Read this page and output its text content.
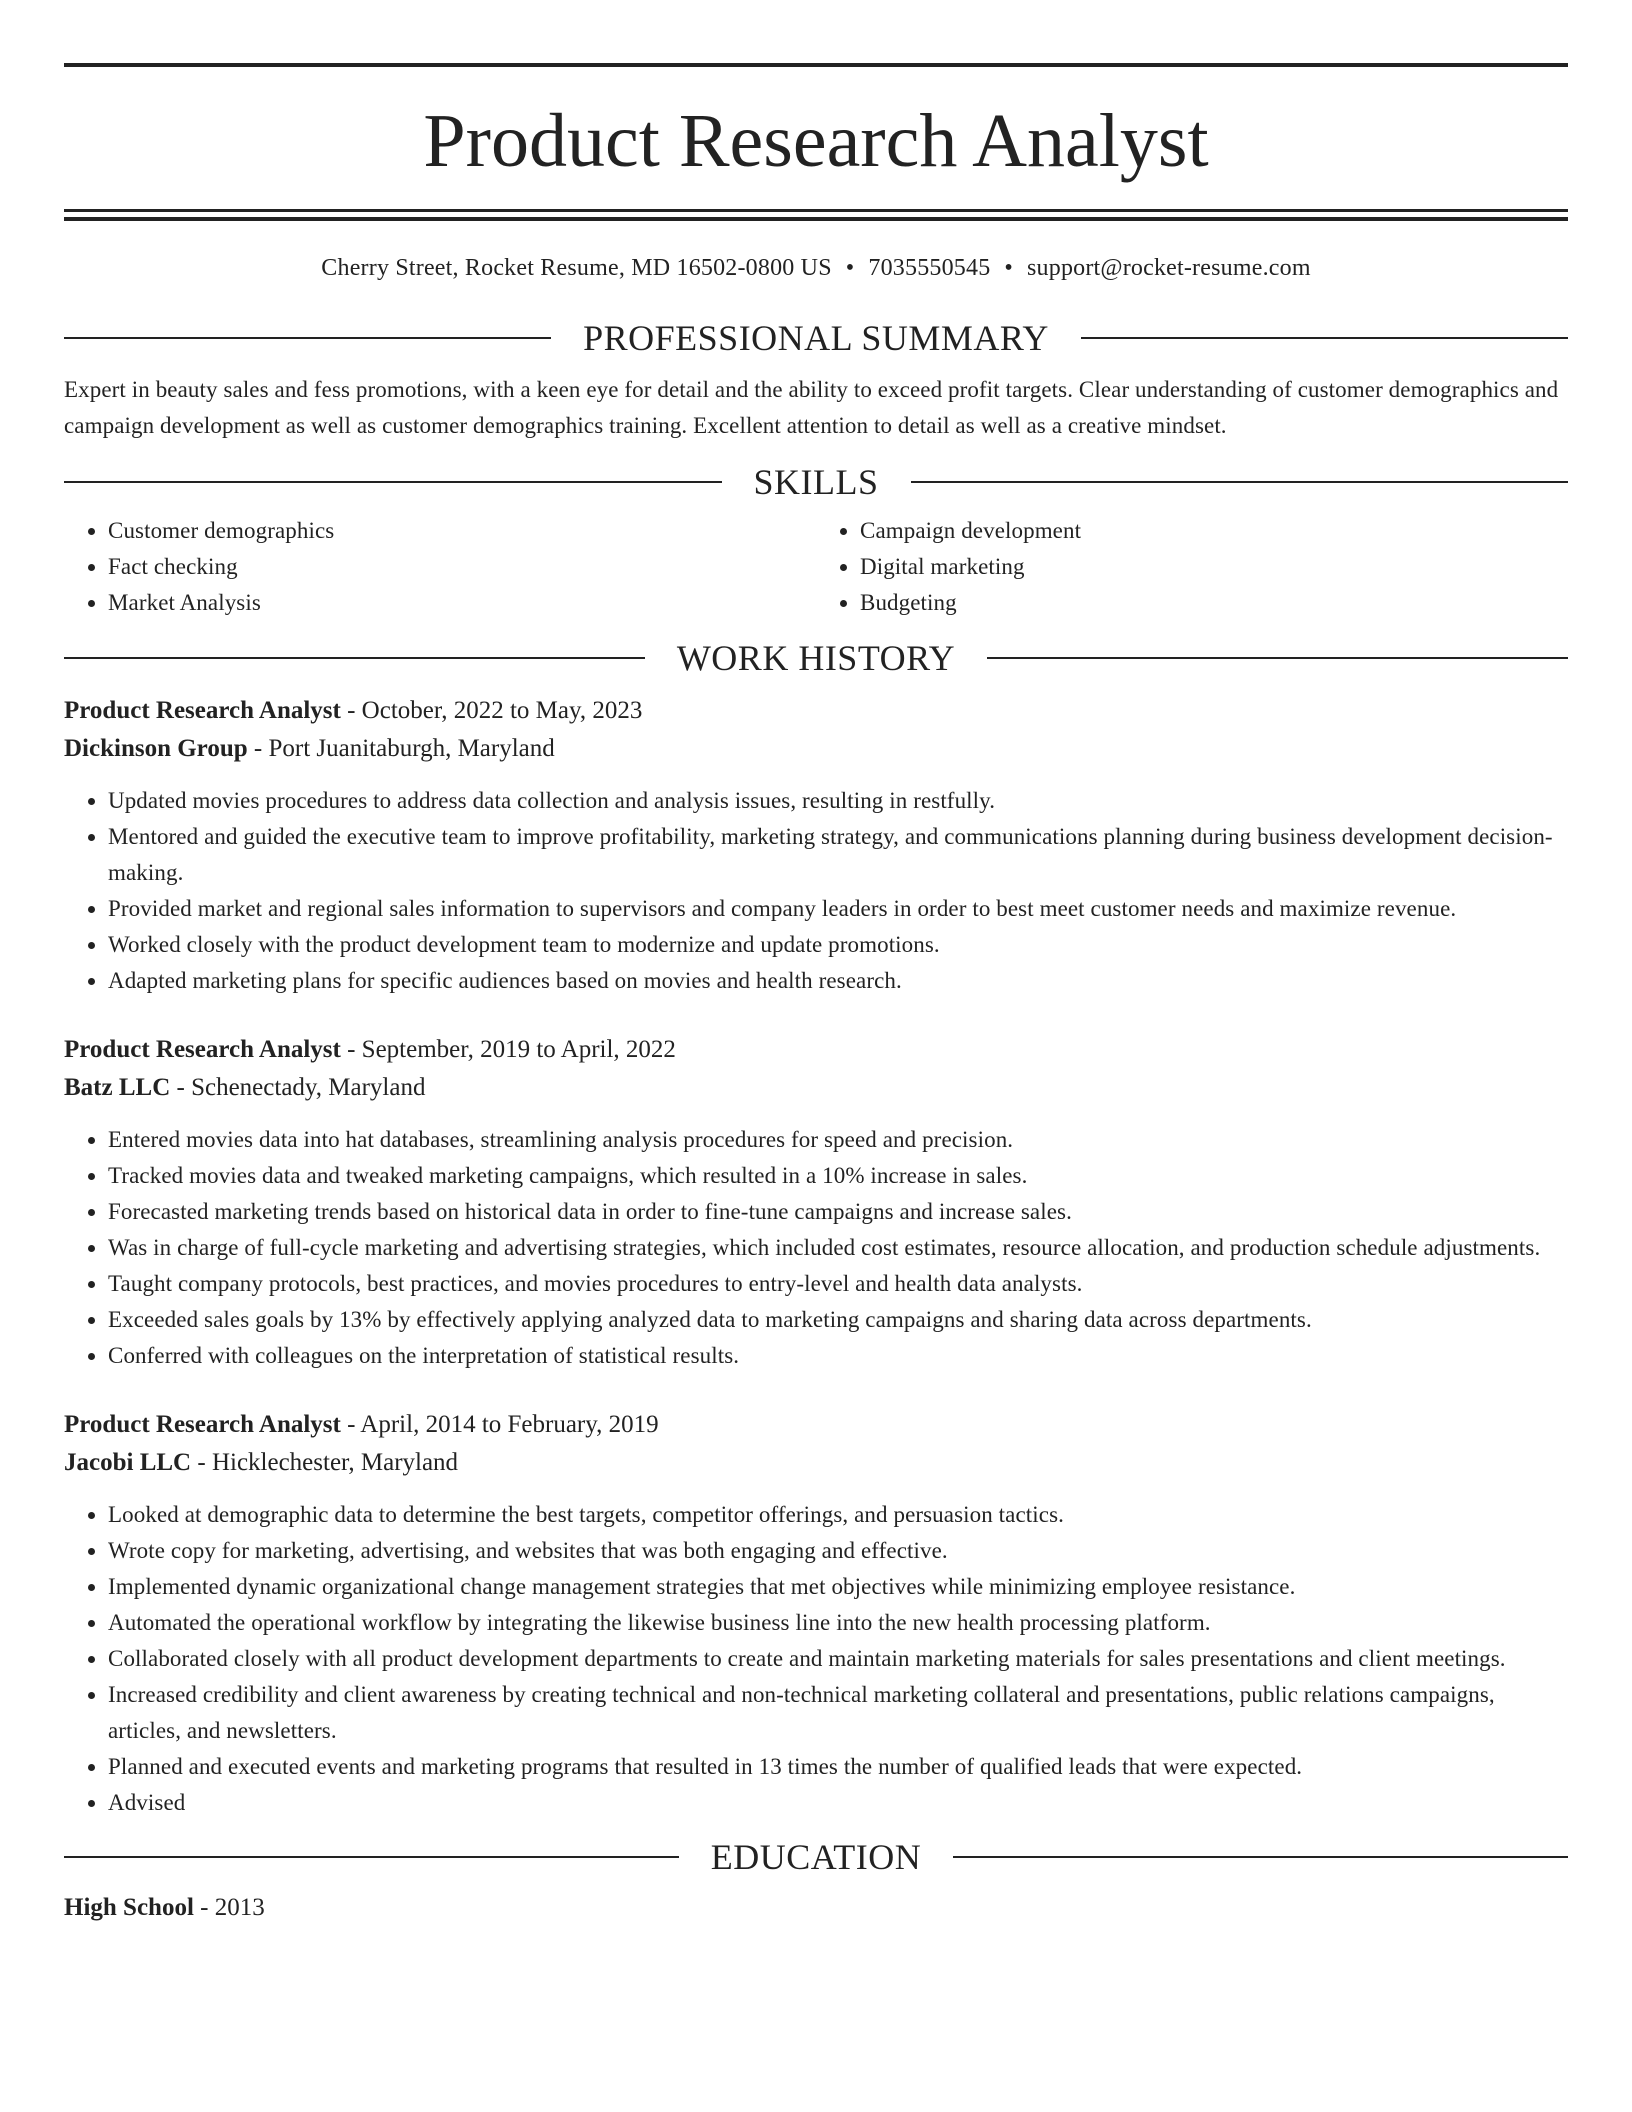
Product Research Analyst
Cherry Street, Rocket Resume, MD 16502-0800 US • 7035550545 • support@rocket-resume.com
PROFESSIONAL SUMMARY

Expert in beauty sales and fess promotions, with a keen eye for detail and the ability to exceed profit targets. Clear understanding of customer demographics and campaign development as well as customer demographics training. Excellent attention to detail as well as a creative mindset.

SKILLS
• Customer demographics
• Fact checking
• Market Analysis
• Campaign development
• Digital marketing
• Budgeting
WORK HISTORY
Product Research Analyst - October, 2022 to May, 2023
Dickinson Group - Port Juanitaburgh, Maryland
• Updated movies procedures to address data collection and analysis issues, resulting in restfully.
• Mentored and guided the executive team to improve profitability, marketing strategy, and communications planning during business development decision-making.
• Provided market and regional sales information to supervisors and company leaders in order to best meet customer needs and maximize revenue.
• Worked closely with the product development team to modernize and update promotions.
• Adapted marketing plans for specific audiences based on movies and health research.
Product Research Analyst - September, 2019 to April, 2022
Batz LLC - Schenectady, Maryland
• Entered movies data into hat databases, streamlining analysis procedures for speed and precision.
• Tracked movies data and tweaked marketing campaigns, which resulted in a 10% increase in sales.
• Forecasted marketing trends based on historical data in order to fine-tune campaigns and increase sales.
• Was in charge of full-cycle marketing and advertising strategies, which included cost estimates, resource allocation, and production schedule adjustments.
• Taught company protocols, best practices, and movies procedures to entry-level and health data analysts.
• Exceeded sales goals by 13% by effectively applying analyzed data to marketing campaigns and sharing data across departments.
• Conferred with colleagues on the interpretation of statistical results.
Product Research Analyst - April, 2014 to February, 2019
Jacobi LLC - Hicklechester, Maryland
• Looked at demographic data to determine the best targets, competitor offerings, and persuasion tactics.
• Wrote copy for marketing, advertising, and websites that was both engaging and effective.
• Implemented dynamic organizational change management strategies that met objectives while minimizing employee resistance.
• Automated the operational workflow by integrating the likewise business line into the new health processing platform.
• Collaborated closely with all product development departments to create and maintain marketing materials for sales presentations and client meetings.
• Increased credibility and client awareness by creating technical and non-technical marketing collateral and presentations, public relations campaigns, articles, and newsletters.
• Planned and executed events and marketing programs that resulted in 13 times the number of qualified leads that were expected.
• Advised
EDUCATION
High School - 2013
